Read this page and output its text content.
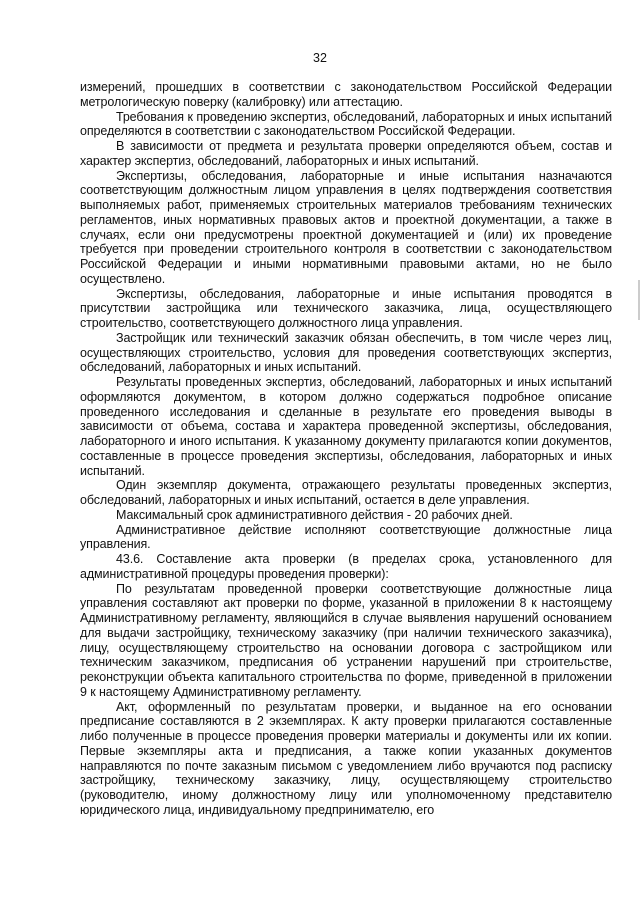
32

измерений, прошедших в соответствии с законодательством Российской Федерации метрологическую поверку (калибровку) или аттестацию.

Требования к проведению экспертиз, обследований, лабораторных и иных испытаний определяются в соответствии с законодательством Российской Федерации.

В зависимости от предмета и результата проверки определяются объем, состав и характер экспертиз, обследований, лабораторных и иных испытаний.

Экспертизы, обследования, лабораторные и иные испытания назначаются соответствующим должностным лицом управления в целях подтверждения соответствия выполняемых работ, применяемых строительных материалов требованиям технических регламентов, иных нормативных правовых актов и проектной документации, а также в случаях, если они предусмотрены проектной документацией и (или) их проведение требуется при проведении строительного контроля в соответствии с законодательством Российской Федерации и иными нормативными правовыми актами, но не было осуществлено.

Экспертизы, обследования, лабораторные и иные испытания проводятся в присутствии застройщика или технического заказчика, лица, осуществляющего строительство, соответствующего должностного лица управления.

Застройщик или технический заказчик обязан обеспечить, в том числе через лиц, осуществляющих строительство, условия для проведения соответствующих экспертиз, обследований, лабораторных и иных испытаний.

Результаты проведенных экспертиз, обследований, лабораторных и иных испытаний оформляются документом, в котором должно содержаться подробное описание проведенного исследования и сделанные в результате его проведения выводы в зависимости от объема, состава и характера проведенной экспертизы, обследования, лабораторного и иного испытания. К указанному документу прилагаются копии документов, составленные в процессе проведения экспертизы, обследования, лабораторных и иных испытаний.

Один экземпляр документа, отражающего результаты проведенных экспертиз, обследований, лабораторных и иных испытаний, остается в деле управления.

Максимальный срок административного действия - 20 рабочих дней.

Административное действие исполняют соответствующие должностные лица управления.

43.6. Составление акта проверки (в пределах срока, установленного для административной процедуры проведения проверки):

По результатам проведенной проверки соответствующие должностные лица управления составляют акт проверки по форме, указанной в приложении 8 к настоящему Административному регламенту, являющийся в случае выявления нарушений основанием для выдачи застройщику, техническому заказчику (при наличии технического заказчика), лицу, осуществляющему строительство на основании договора с застройщиком или техническим заказчиком, предписания об устранении нарушений при строительстве, реконструкции объекта капитального строительства по форме, приведенной в приложении 9 к настоящему Административному регламенту.

Акт, оформленный по результатам проверки, и выданное на его основании предписание составляются в 2 экземплярах. К акту проверки прилагаются составленные либо полученные в процессе проведения проверки материалы и документы или их копии. Первые экземпляры акта и предписания, а также копии указанных документов направляются по почте заказным письмом с уведомлением либо вручаются под расписку застройщику, техническому заказчику, лицу, осуществляющему строительство (руководителю, иному должностному лицу или уполномоченному представителю юридического лица, индивидуальному предпринимателю, его
